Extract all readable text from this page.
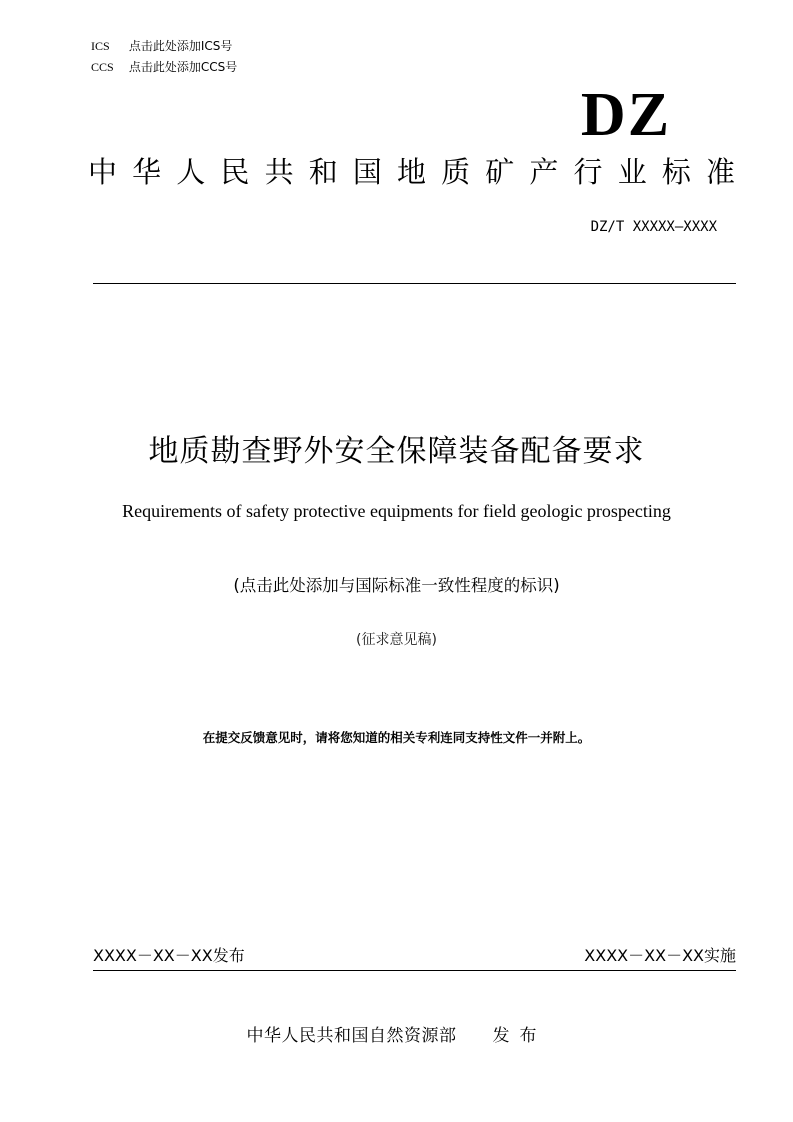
ICS 点击此处添加ICS号
CCS 点击此处添加CCS号
DZ
中华人民共和国地质矿产行业标准
DZ/T XXXXX—XXXX
地质勘查野外安全保障装备配备要求
Requirements of safety protective equipments for field geologic prospecting
(点击此处添加与国际标准一致性程度的标识)
(征求意见稿)
在提交反馈意见时，请将您知道的相关专利连同支持性文件一并附上。
XXXX－XX－XX发布	XXXX－XX－XX实施
中华人民共和国自然资源部 发布
